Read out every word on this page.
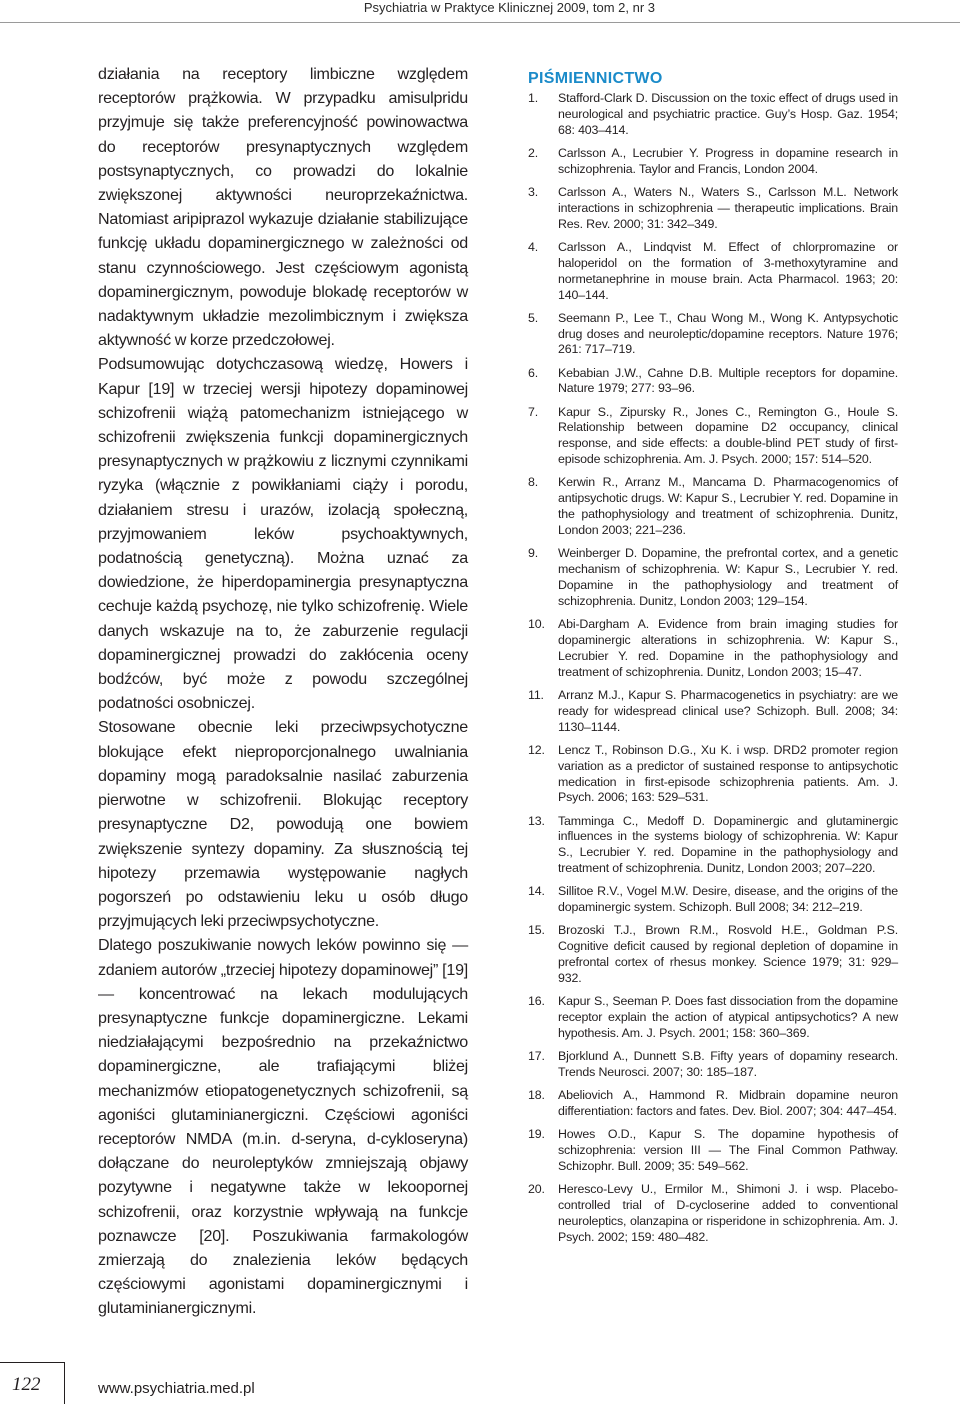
Psychiatria w Praktyce Klinicznej 2009, tom 2, nr 3

działania na receptory limbiczne względem receptorów prążkowia. W przypadku amisulpridu przyjmuje się także preferencyjność powinowactwa do receptorów presynaptycznych względem postsynaptycznych, co prowadzi do lokalnie zwiększonej aktywności neuroprzekaźnictwa. Natomiast aripiprazol wykazuje działanie stabilizujące funkcję układu dopaminergicznego w zależności od stanu czynnościowego. Jest częściowym agonistą dopaminergicznym, powoduje blokadę receptorów w nadaktywnym układzie mezolimbicznym i zwiększa aktywność w korze przedczołowej.

Podsumowując dotychczasową wiedzę, Howers i Kapur [19] w trzeciej wersji hipotezy dopaminowej schizofrenii wiążą patomechanizm istniejącego w schizofrenii zwiększenia funkcji dopaminergicznych presynaptycznych w prążkowiu z licznymi czynnikami ryzyka (włącznie z powikłaniami ciąży i porodu, działaniem stresu i urazów, izolacją społeczną, przyjmowaniem leków psychoaktywnych, podatnością genetyczną). Można uznać za dowiedzione, że hiperdopaminergia presynaptyczna cechuje każdą psychozę, nie tylko schizofrenię. Wiele danych wskazuje na to, że zaburzenie regulacji dopaminergicznej prowadzi do zakłócenia oceny bodźców, być może z powodu szczególnej podatności osobniczej.

Stosowane obecnie leki przeciwpsychotyczne blokujące efekt nieproporcjonalnego uwalniania dopaminy mogą paradoksalnie nasilać zaburzenia pierwotne w schizofrenii. Blokując receptory presynaptyczne D2, powodują one bowiem zwiększenie syntezy dopaminy. Za słusznością tej hipotezy przemawia występowanie nagłych pogorszeń po odstawieniu leku u osób długo przyjmujących leki przeciwpsychotyczne.

Dlatego poszukiwanie nowych leków powinno się — zdaniem autorów „trzeciej hipotezy dopaminowej” [19] — koncentrować na lekach modulujących presynaptyczne funkcje dopaminergiczne. Lekami niedziałającymi bezpośrednio na przekaźnictwo dopaminergiczne, ale trafiającymi bliżej mechanizmów etiopatogenetycznych schizofrenii, są agoniści glutaminianergiczni. Częściowi agoniści receptorów NMDA (m.in. d-seryna, d-cykloseryna) dołączane do neuroleptyków zmniejszają objawy pozytywne i negatywne także w lekoopornej schizofrenii, oraz korzystnie wpływają na funkcje poznawcze [20]. Poszukiwania farmakologów zmierzają do znalezienia leków będących częściowymi agonistami dopaminergicznymi i glutaminianergicznymi.

PIŚMIENNICTWO
1. Stafford-Clark D. Discussion on the toxic effect of drugs used in neurological and psychiatric practice. Guy’s Hosp. Gaz. 1954; 68: 403–414.
2. Carlsson A., Lecrubier Y. Progress in dopamine research in schizophrenia. Taylor and Francis, London 2004.
3. Carlsson A., Waters N., Waters S., Carlsson M.L. Network interactions in schizophrenia — therapeutic implications. Brain Res. Rev. 2000; 31: 342–349.
4. Carlsson A., Lindqvist M. Effect of chlorpromazine or haloperidol on the formation of 3-methoxytyramine and normetanephrine in mouse brain. Acta Pharmacol. 1963; 20: 140–144.
5. Seemann P., Lee T., Chau Wong M., Wong K. Antypsychotic drug doses and neuroleptic/dopamine receptors. Nature 1976; 261: 717–719.
6. Kebabian J.W., Cahne D.B. Multiple receptors for dopamine. Nature 1979; 277: 93–96.
7. Kapur S., Zipursky R., Jones C., Remington G., Houle S. Relationship between dopamine D2 occupancy, clinical response, and side effects: a double-blind PET study of first-episode schizophrenia. Am. J. Psych. 2000; 157: 514–520.
8. Kerwin R., Arranz M., Mancama D. Pharmacogenomics of antipsychotic drugs. W: Kapur S., Lecrubier Y. red. Dopamine in the pathophysiology and treatment of schizophrenia. Dunitz, London 2003; 221–236.
9. Weinberger D. Dopamine, the prefrontal cortex, and a genetic mechanism of schizophrenia. W: Kapur S., Lecrubier Y. red. Dopamine in the pathophysiology and treatment of schizophrenia. Dunitz, London 2003; 129–154.
10. Abi-Dargham A. Evidence from brain imaging studies for dopaminergic alterations in schizophrenia. W: Kapur S., Lecrubier Y. red. Dopamine in the pathophysiology and treatment of schizophrenia. Dunitz, London 2003; 15–47.
11. Arranz M.J., Kapur S. Pharmacogenetics in psychiatry: are we ready for widespread clinical use? Schizoph. Bull. 2008; 34: 1130–1144.
12. Lencz T., Robinson D.G., Xu K. i wsp. DRD2 promoter region variation as a predictor of sustained response to antipsychotic medication in first-episode schizophrenia patients. Am. J. Psych. 2006; 163: 529–531.
13. Tamminga C., Medoff D. Dopaminergic and glutaminergic influences in the systems biology of schizophrenia. W: Kapur S., Lecrubier Y. red. Dopamine in the pathophysiology and treatment of schizophrenia. Dunitz, London 2003; 207–220.
14. Sillitoe R.V., Vogel M.W. Desire, disease, and the origins of the dopaminergic system. Schizoph. Bull 2008; 34: 212–219.
15. Brozoski T.J., Brown R.M., Rosvold H.E., Goldman P.S. Cognitive deficit caused by regional depletion of dopamine in prefrontal cortex of rhesus monkey. Science 1979; 31: 929–932.
16. Kapur S., Seeman P. Does fast dissociation from the dopamine receptor explain the action of atypical antipsychotics? A new hypothesis. Am. J. Psych. 2001; 158: 360–369.
17. Bjorklund A., Dunnett S.B. Fifty years of dopaminy research. Trends Neurosci. 2007; 30: 185–187.
18. Abeliovich A., Hammond R. Midbrain dopamine neuron differentiation: factors and fates. Dev. Biol. 2007; 304: 447–454.
19. Howes O.D., Kapur S. The dopamine hypothesis of schizophrenia: version III — The Final Common Pathway. Schizophr. Bull. 2009; 35: 549–562.
20. Heresco-Levy U., Ermilor M., Shimoni J. i wsp. Placebo-controlled trial of D-cycloserine added to conventional neuroleptics, olanzapina or risperidone in schizophrenia. Am. J. Psych. 2002; 159: 480–482.
122	www.psychiatria.med.pl
